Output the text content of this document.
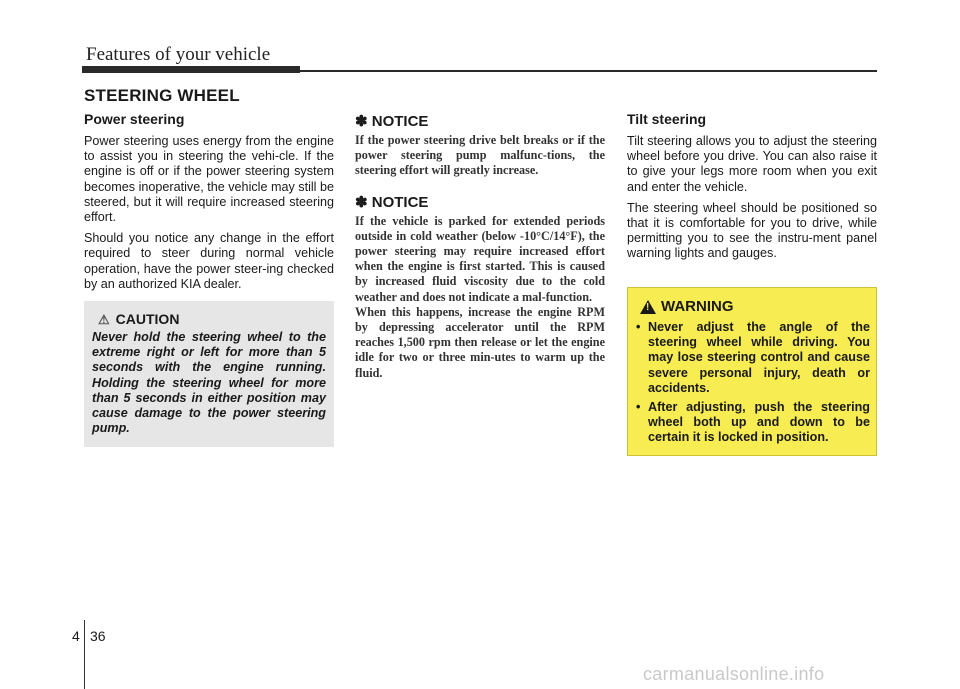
Features of your vehicle
STEERING WHEEL
Power steering

Power steering uses energy from the engine to assist you in steering the vehi-cle. If the engine is off or if the power steering system becomes inoperative, the vehicle may still be steered, but it will require increased steering effort.

Should you notice any change in the effort required to steer during normal vehicle operation, have the power steer-ing checked by an authorized KIA dealer.

⚠ CAUTION

Never hold the steering wheel to the extreme right or left for more than 5 seconds with the engine running. Holding the steering wheel for more than 5 seconds in either position may cause damage to the power steering pump.

✽ NOTICE

If the power steering drive belt breaks or if the power steering pump malfunc-tions, the steering effort will greatly increase.

✽ NOTICE

If the vehicle is parked for extended periods outside in cold weather (below -10°C/14°F), the power steering may require increased effort when the engine is first started. This is caused by increased fluid viscosity due to the cold weather and does not indicate a mal-function.

When this happens, increase the engine RPM by depressing accelerator until the RPM reaches 1,500 rpm then release or let the engine idle for two or three min-utes to warm up the fluid.

Tilt steering

Tilt steering allows you to adjust the steering wheel before you drive. You can also raise it to give your legs more room when you exit and enter the vehicle.

The steering wheel should be positioned so that it is comfortable for you to drive, while permitting you to see the instru-ment panel warning lights and gauges.

!
WARNING
• Never adjust the angle of the steering wheel while driving. You may lose steering control and cause severe personal injury, death or accidents.
• After adjusting, push the steering wheel both up and down to be certain it is locked in position.
4 36
carmanualsonline.info
